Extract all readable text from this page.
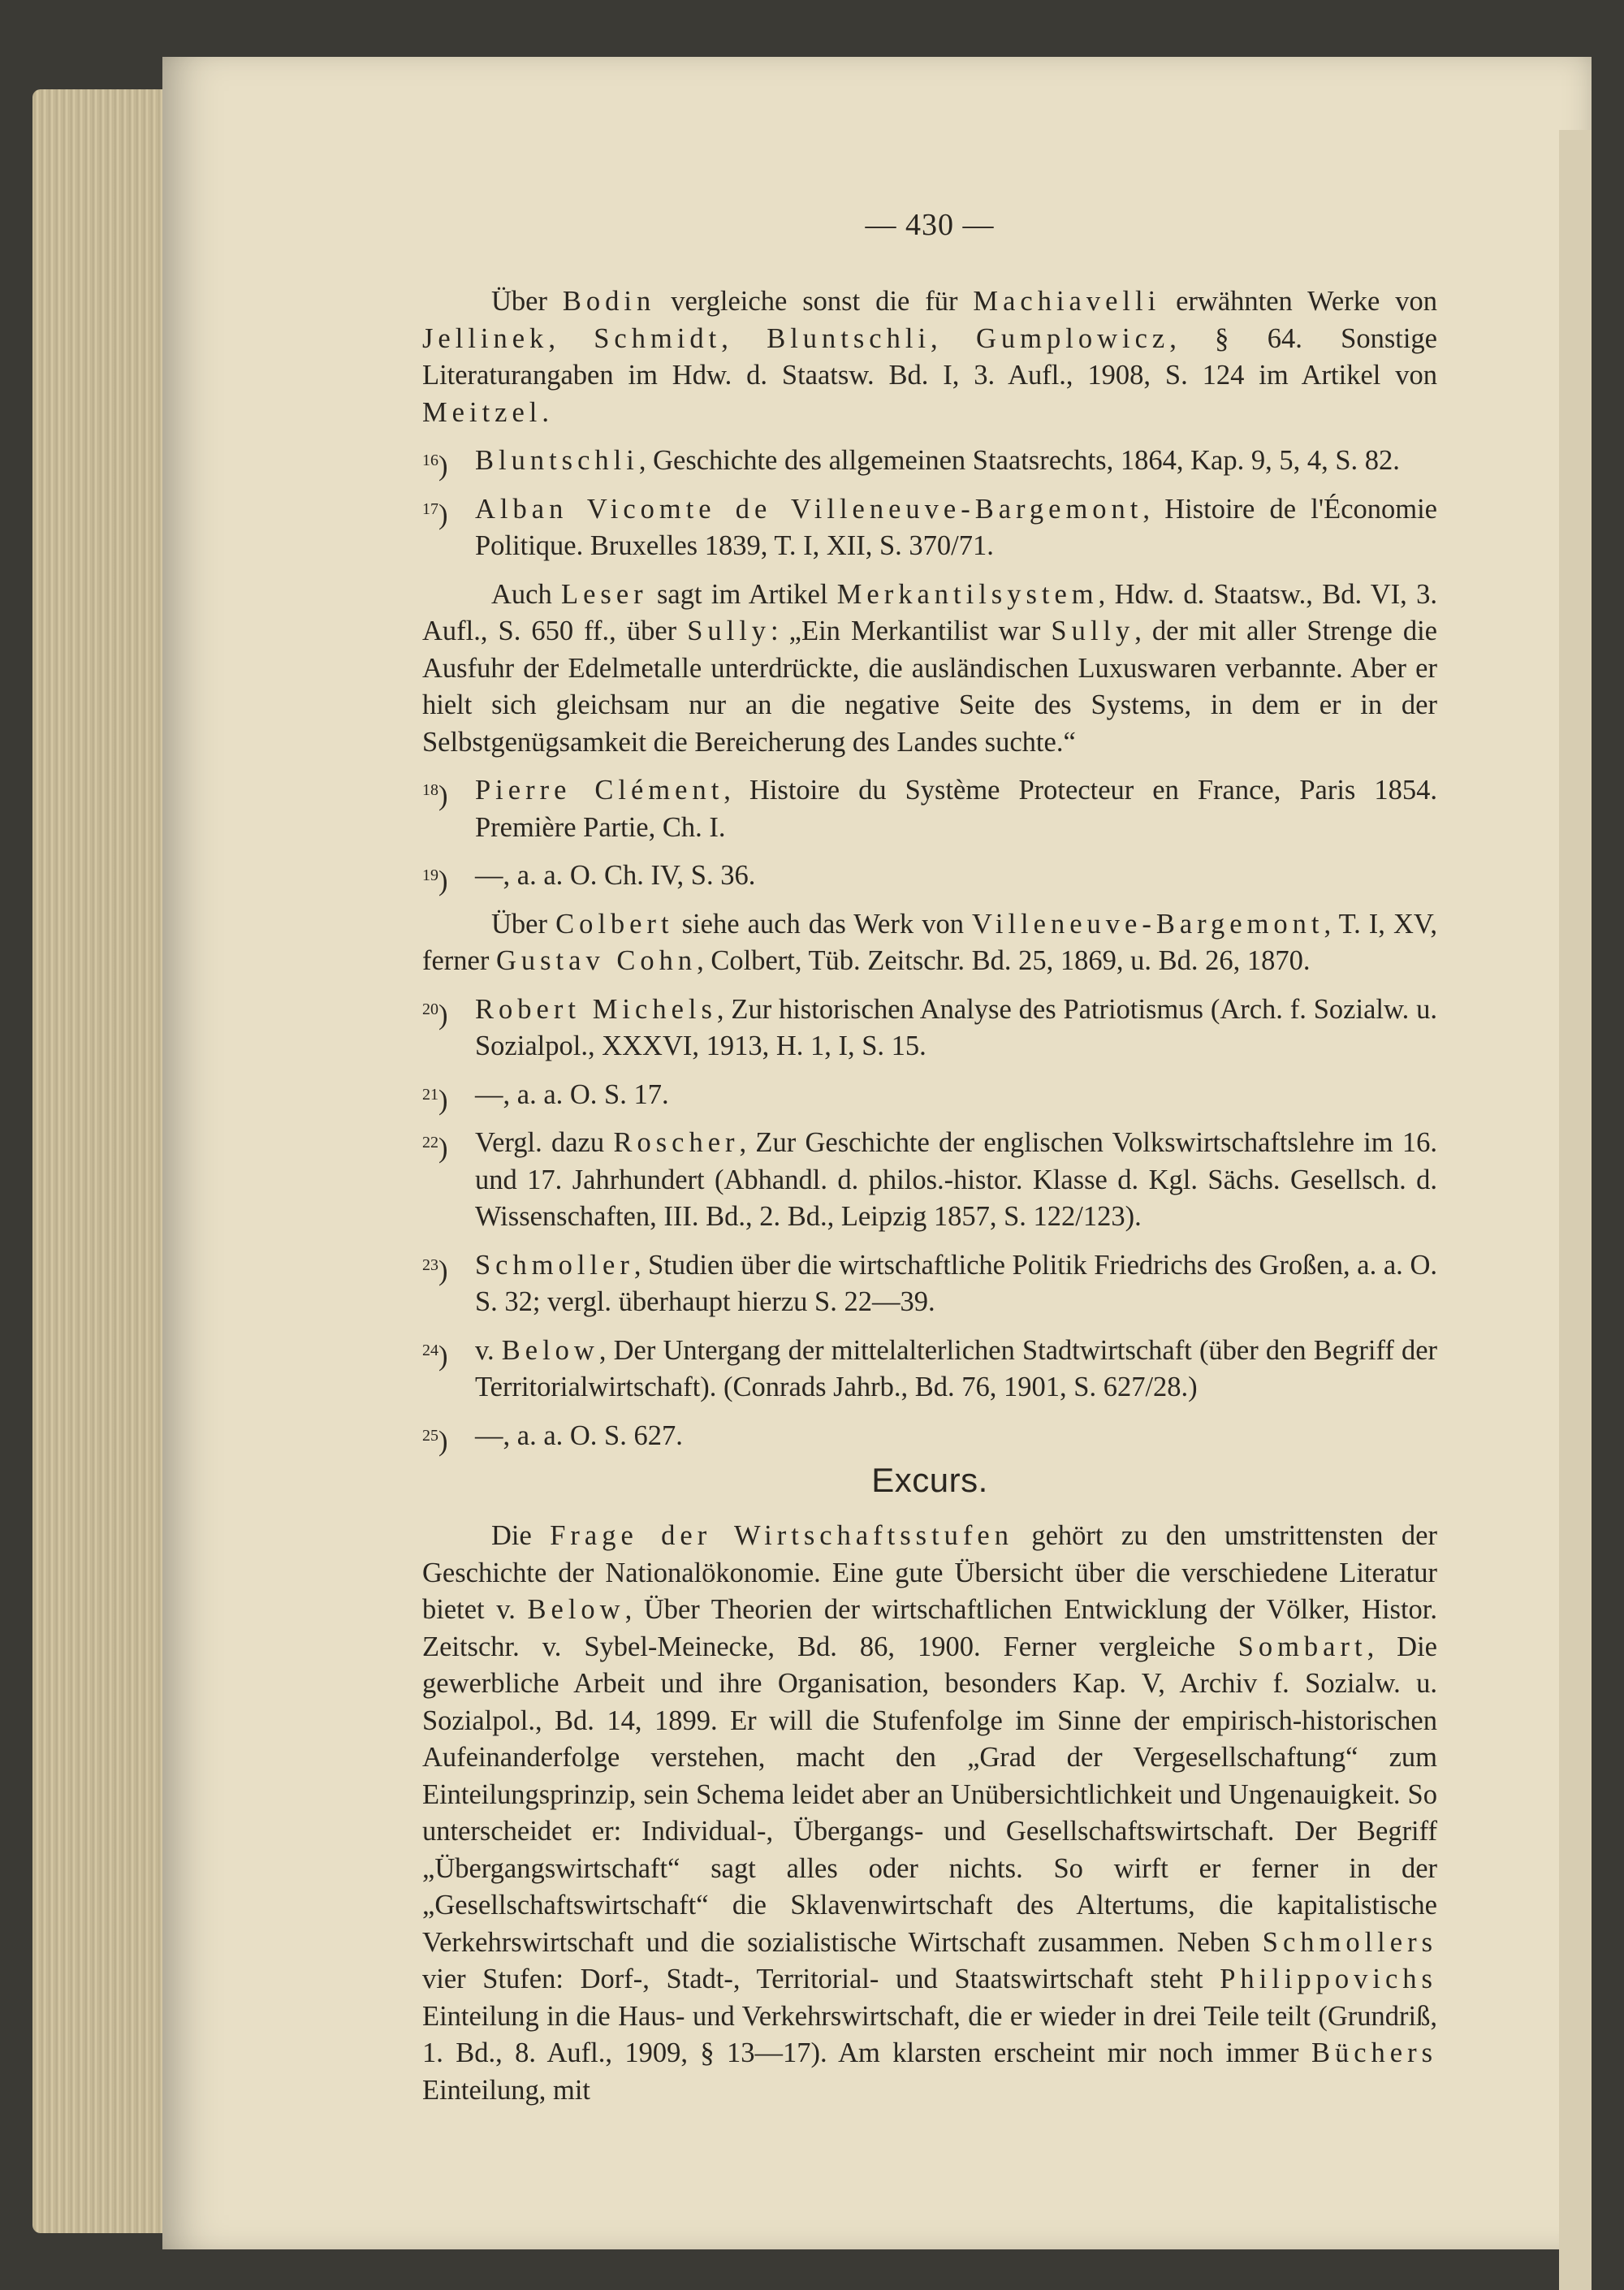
— 430 —

Über Bodin vergleiche sonst die für Machiavelli erwähnten Werke von Jellinek, Schmidt, Bluntschli, Gumplowicz, § 64. Sonstige Literaturangaben im Hdw. d. Staatsw. Bd. I, 3. Aufl., 1908, S. 124 im Artikel von Meitzel.

$^{16}$) Bluntschli, Geschichte des allgemeinen Staatsrechts, 1864, Kap. 9, 5, 4, S. 82.

$^{17}$) Alban Vicomte de Villeneuve-Bargemont, Histoire de l'Économie Politique. Bruxelles 1839, T. I, XII, S. 370/71.

Auch Leser sagt im Artikel Merkantilsystem, Hdw. d. Staatsw., Bd. VI, 3. Aufl., S. 650 ff., über Sully: „Ein Merkantilist war Sully, der mit aller Strenge die Ausfuhr der Edelmetalle unterdrückte, die ausländischen Luxuswaren verbannte. Aber er hielt sich gleichsam nur an die negative Seite des Systems, in dem er in der Selbstgenügsamkeit die Bereicherung des Landes suchte.“

$^{18}$) Pierre Clément, Histoire du Système Protecteur en France, Paris 1854. Première Partie, Ch. I.

$^{19}$) —, a. a. O. Ch. IV, S. 36.

Über Colbert siehe auch das Werk von Villeneuve-Bargemont, T. I, XV, ferner Gustav Cohn, Colbert, Tüb. Zeitschr. Bd. 25, 1869, u. Bd. 26, 1870.

$^{20}$) Robert Michels, Zur historischen Analyse des Patriotismus (Arch. f. Sozialw. u. Sozialpol., XXXVI, 1913, H. 1, I, S. 15.

$^{21}$) —, a. a. O. S. 17.

$^{22}$) Vergl. dazu Roscher, Zur Geschichte der englischen Volkswirtschaftslehre im 16. und 17. Jahrhundert (Abhandl. d. philos.-histor. Klasse d. Kgl. Sächs. Gesellsch. d. Wissenschaften, III. Bd., 2. Bd., Leipzig 1857, S. 122/123).

$^{23}$) Schmoller, Studien über die wirtschaftliche Politik Friedrichs des Großen, a. a. O. S. 32; vergl. überhaupt hierzu S. 22—39.

$^{24}$) v. Below, Der Untergang der mittelalterlichen Stadtwirtschaft (über den Begriff der Territorialwirtschaft). (Conrads Jahrb., Bd. 76, 1901, S. 627/28.)

$^{25}$) —, a. a. O. S. 627.

Excurs.

Die Frage der Wirtschaftsstufen gehört zu den umstrittensten der Geschichte der Nationalökonomie. Eine gute Übersicht über die verschiedene Literatur bietet v. Below, Über Theorien der wirtschaftlichen Entwicklung der Völker, Histor. Zeitschr. v. Sybel-Meinecke, Bd. 86, 1900. Ferner vergleiche Sombart, Die gewerbliche Arbeit und ihre Organisation, besonders Kap. V, Archiv f. Sozialw. u. Sozialpol., Bd. 14, 1899. Er will die Stufenfolge im Sinne der empirisch-historischen Aufeinanderfolge verstehen, macht den „Grad der Vergesellschaftung“ zum Einteilungsprinzip, sein Schema leidet aber an Unübersichtlichkeit und Ungenauigkeit. So unterscheidet er: Individual-, Übergangs- und Gesellschaftswirtschaft. Der Begriff „Übergangswirtschaft“ sagt alles oder nichts. So wirft er ferner in der „Gesellschaftswirtschaft“ die Sklavenwirtschaft des Altertums, die kapitalistische Verkehrswirtschaft und die sozialistische Wirtschaft zusammen. Neben Schmollers vier Stufen: Dorf-, Stadt-, Territorial- und Staatswirtschaft steht Philippovichs Einteilung in die Haus- und Verkehrswirtschaft, die er wieder in drei Teile teilt (Grundriß, 1. Bd., 8. Aufl., 1909, § 13—17). Am klarsten erscheint mir noch immer Büchers Einteilung, mit
